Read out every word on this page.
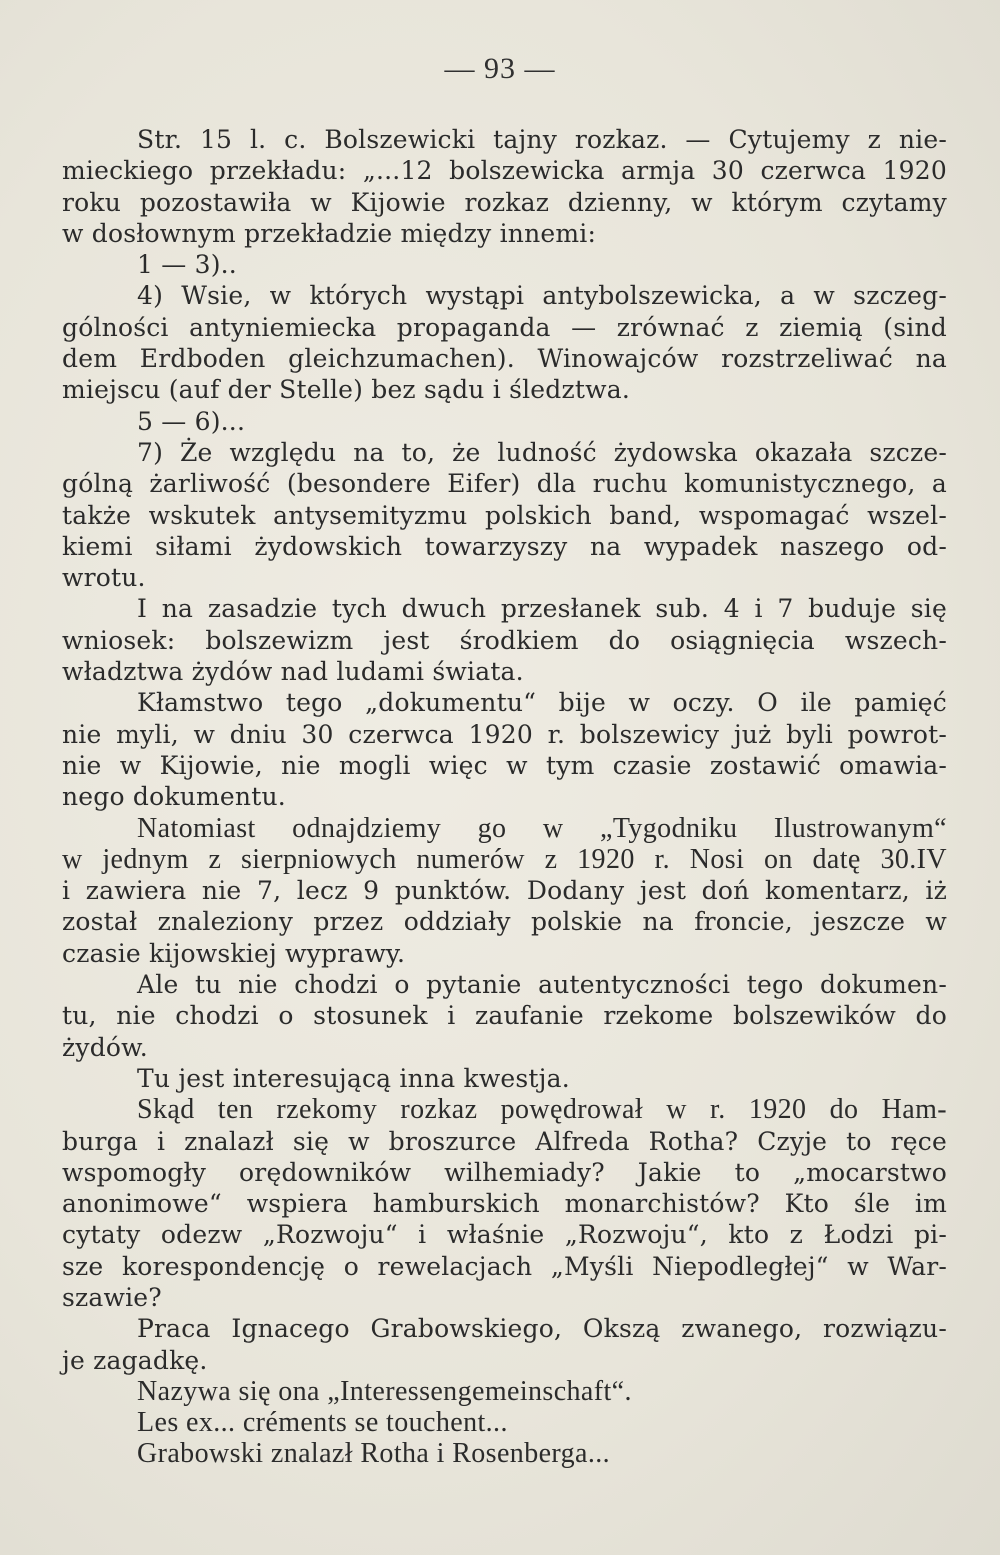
— 93 —
Str. 15 l. c. Bolszewicki tajny rozkaz. — Cytujemy z nie-
mieckiego przekładu: „...12 bolszewicka armja 30 czerwca 1920
roku pozostawiła w Kijowie rozkaz dzienny, w którym czytamy
w dosłownym przekładzie między innemi:
1 — 3)..
4) Wsie, w których wystąpi antybolszewicka, a w szczeg-
gólności antyniemiecka propaganda — zrównać z ziemią (sind
dem Erdboden gleichzumachen). Winowajców rozstrzeliwać na
miejscu (auf der Stelle) bez sądu i śledztwa.
5 — 6)...
7) Że względu na to, że ludność żydowska okazała szcze-
gólną żarliwość (besondere Eifer) dla ruchu komunistycznego, a
także wskutek antysemityzmu polskich band, wspomagać wszel-
kiemi siłami żydowskich towarzyszy na wypadek naszego od-
wrotu.
I na zasadzie tych dwuch przesłanek sub. 4 i 7 buduje się
wniosek: bolszewizm jest środkiem do osiągnięcia wszech-
władztwa żydów nad ludami świata.
Kłamstwo tego „dokumentu“ bije w oczy. O ile pamięć
nie myli, w dniu 30 czerwca 1920 r. bolszewicy już byli powrot-
nie w Kijowie, nie mogli więc w tym czasie zostawić omawia-
nego dokumentu.
Natomiast odnajdziemy go w „Tygodniku Ilustrowanym“
w jednym z sierpniowych numerów z 1920 r. Nosi on datę 30.IV
i zawiera nie 7, lecz 9 punktów. Dodany jest doń komentarz, iż
został znaleziony przez oddziały polskie na froncie, jeszcze w
czasie kijowskiej wyprawy.
Ale tu nie chodzi o pytanie autentyczności tego dokumen-
tu, nie chodzi o stosunek i zaufanie rzekome bolszewików do
żydów.
Tu jest interesującą inna kwestja.
Skąd ten rzekomy rozkaz powędrował w r. 1920 do Ham-
burga i znalazł się w broszurce Alfreda Rotha? Czyje to ręce
wspomogły orędowników wilhemiady? Jakie to „mocarstwo
anonimowe“ wspiera hamburskich monarchistów? Kto śle im
cytaty odezw „Rozwoju“ i właśnie „Rozwoju“, kto z Łodzi pi-
sze korespondencję o rewelacjach „Myśli Niepodległej“ w War-
szawie?
Praca Ignacego Grabowskiego, Okszą zwanego, rozwiązu-
je zagadkę.
Nazywa się ona „Interessengemeinschaft“.
Les ex... créments se touchent...
Grabowski znalazł Rotha i Rosenberga...
